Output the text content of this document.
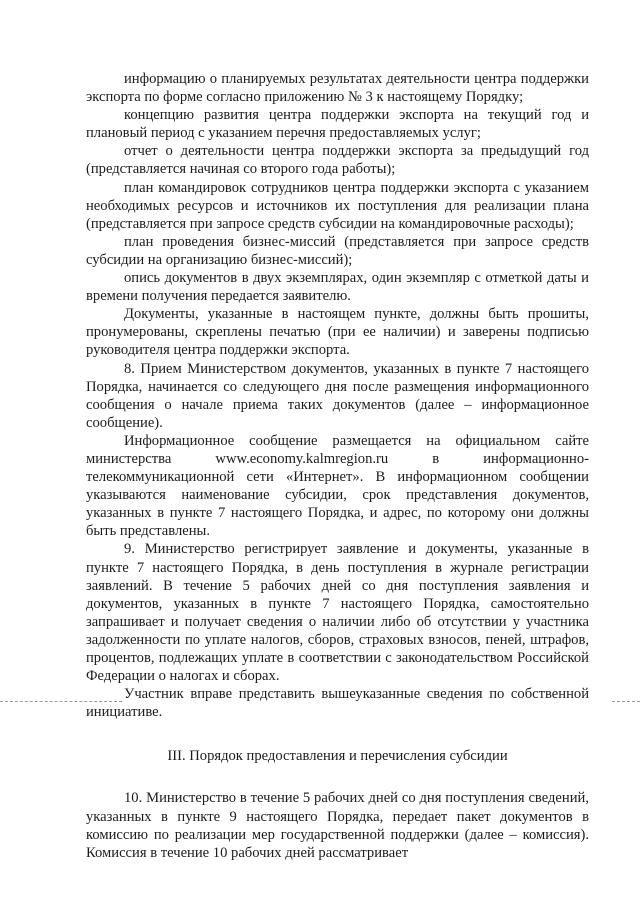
информацию о планируемых результатах деятельности центра поддержки экспорта по форме согласно приложению № 3 к настоящему Порядку;

концепцию развития центра поддержки экспорта на текущий год и плановый период с указанием перечня предоставляемых услуг;

отчет о деятельности центра поддержки экспорта за предыдущий год (представляется начиная со второго года работы);

план командировок сотрудников центра поддержки экспорта с указанием необходимых ресурсов и источников их поступления для реализации плана (представляется при запросе средств субсидии на командировочные расходы);

план проведения бизнес-миссий (представляется при запросе средств субсидии на организацию бизнес-миссий);

опись документов в двух экземплярах, один экземпляр с отметкой даты и времени получения передается заявителю.

Документы, указанные в настоящем пункте, должны быть прошиты, пронумерованы, скреплены печатью (при ее наличии) и заверены подписью руководителя центра поддержки экспорта.

8. Прием Министерством документов, указанных в пункте 7 настоящего Порядка, начинается со следующего дня после размещения информационного сообщения о начале приема таких документов (далее – информационное сообщение).

Информационное сообщение размещается на официальном сайте министерства www.economy.kalmregion.ru в информационно-телекоммуникационной сети «Интернет». В информационном сообщении указываются наименование субсидии, срок представления документов, указанных в пункте 7 настоящего Порядка, и адрес, по которому они должны быть представлены.

9. Министерство регистрирует заявление и документы, указанные в пункте 7 настоящего Порядка, в день поступления в журнале регистрации заявлений. В течение 5 рабочих дней со дня поступления заявления и документов, указанных в пункте 7 настоящего Порядка, самостоятельно запрашивает и получает сведения о наличии либо об отсутствии у участника задолженности по уплате налогов, сборов, страховых взносов, пеней, штрафов, процентов, подлежащих уплате в соответствии с законодательством Российской Федерации о налогах и сборах.

Участник вправе представить вышеуказанные сведения по собственной инициативе.

III. Порядок предоставления и перечисления субсидии

10. Министерство в течение 5 рабочих дней со дня поступления сведений, указанных в пункте 9 настоящего Порядка, передает пакет документов в комиссию по реализации мер государственной поддержки (далее – комиссия). Комиссия в течение 10 рабочих дней рассматривает
